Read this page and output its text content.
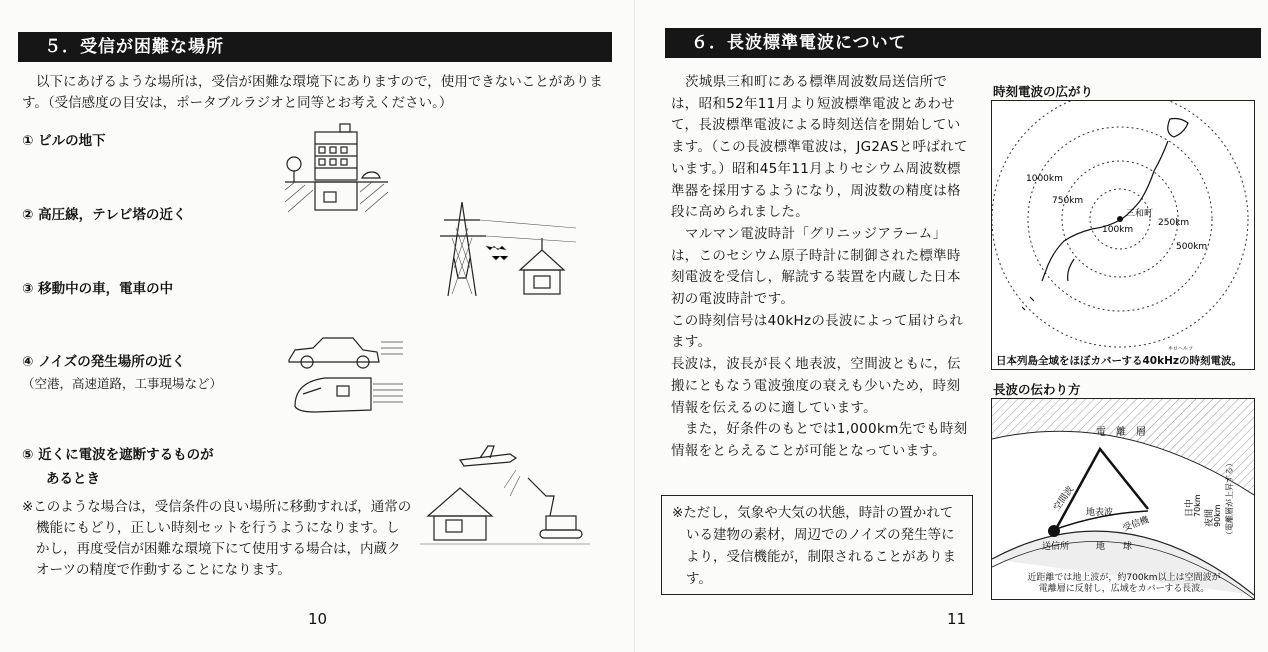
５．受信が困難な場所
以下にあげるような場所は，受信が困難な環境下にありますので，使用できないことがあります。（受信感度の目安は，ポータブルラジオと同等とお考えください。）
① ビルの地下
② 高圧線，テレビ塔の近く
③ 移動中の車，電車の中
④ ノイズの発生場所の近く
（空港，高速道路，工事現場など）
⑤ 近くに電波を遮断するものが
あるとき
※このような場合は，受信条件の良い場所に移動すれば，通常の機能にもどり，正しい時刻セットを行うようになります。しかし，再度受信が困難な環境下にて使用する場合は，内蔵クオーツの精度で作動することになります。
10
６．長波標準電波について
茨城県三和町にある標準周波数局送信所では，昭和52年11月より短波標準電波とあわせて，長波標準電波による時刻送信を開始しています。（この長波標準電波は，JG2ASと呼ばれています。）昭和45年11月よりセシウム周波数標準器を採用するようになり，周波数の精度は格段に高められました。
マルマン電波時計「グリニッジアラーム」は，このセシウム原子時計に制御された標準時刻電波を受信し，解読する装置を内蔵した日本初の電波時計です。
この時刻信号は40kHzの長波によって届けられます。
長波は，波長が長く地表波，空間波ともに，伝搬にともなう電波強度の衰えも少いため，時刻情報を伝えるのに適しています。
また，好条件のもとでは1,000km先でも時刻情報をとらえることが可能となっています。
※ただし，気象や大気の状態，時計の置かれている建物の素材，周辺でのノイズの発生等により，受信機能が，制限されることがあります。
11
時刻電波の広がり
1000km
750km
100km
250km
500km
三和町
キロヘルツ
日本列島全域をほぼカバーする40kHzの時刻電波。
長波の伝わり方
電　離　層
空間波
地表波
送信所
受信機
地　　球
日中
70km
夜間
90km （電離層が上昇する）
近距離では地上波が，約700km以上は空間波が
電離層に反射し，広域をカバーする長波。
